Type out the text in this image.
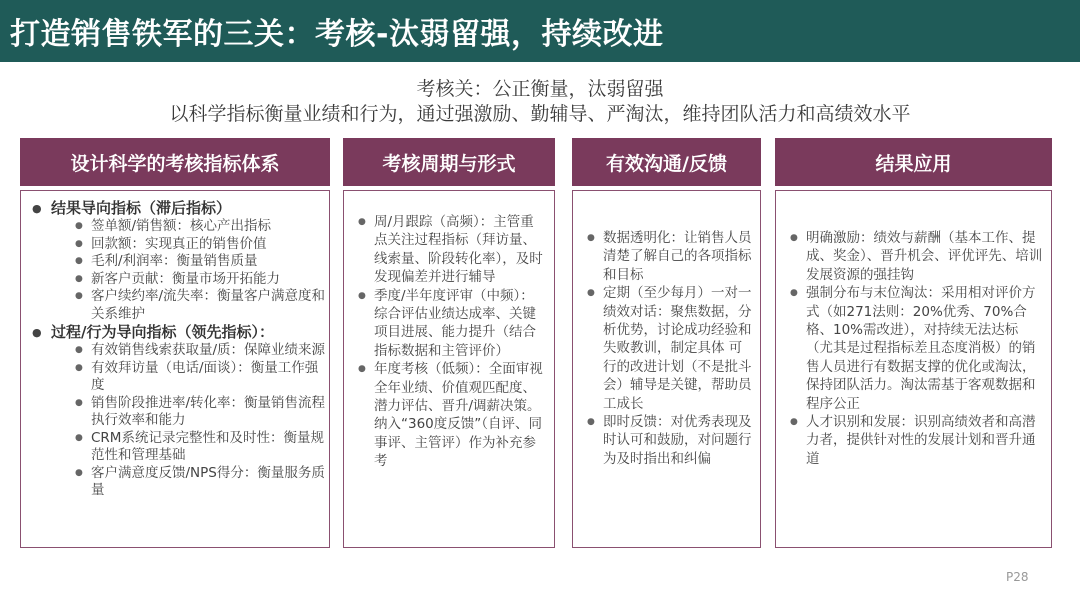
打造销售铁军的三关：考核-汰弱留强，持续改进
考核关：公正衡量，汰弱留强
以科学指标衡量业绩和行为，通过强激励、勤辅导、严淘汰，维持团队活力和高绩效水平
设计科学的考核指标体系
● 结果导向指标（滞后指标）
● 签单额/销售额：核心产出指标
● 回款额：实现真正的销售价值
● 毛利/利润率：衡量销售质量
● 新客户贡献：衡量市场开拓能力
● 客户续约率/流失率：衡量客户满意度和关系维护
● 过程/行为导向指标（领先指标）：
● 有效销售线索获取量/质：保障业绩来源
● 有效拜访量（电话/面谈）：衡量工作强度
● 销售阶段推进率/转化率：衡量销售流程执行效率和能力
● CRM系统记录完整性和及时性：衡量规范性和管理基础
● 客户满意度反馈/NPS得分：衡量服务质量
考核周期与形式
● 周/月跟踪（高频）：主管重点关注过程指标（拜访量、线索量、阶段转化率），及时发现偏差并进行辅导
● 季度/半年度评审（中频）：综合评估业绩达成率、关键项目进展、能力提升（结合指标数据和主管评价）
● 年度考核（低频）：全面审视全年业绩、价值观匹配度、潜力评估、晋升/调薪决策。纳入“360度反馈”（自评、同事评、主管评）作为补充参考
有效沟通/反馈
● 数据透明化：让销售人员清楚了解自己的各项指标和目标
● 定期（至少每月）一对一绩效对话：聚焦数据，分析优势，讨论成功经验和失败教训，制定具体 可行的改进计划（不是批斗会）辅导是关键，帮助员工成长
● 即时反馈：对优秀表现及时认可和鼓励，对问题行为及时指出和纠偏
结果应用
● 明确激励：绩效与薪酬（基本工作、提成、奖金）、晋升机会、评优评先、培训发展资源的强挂钩
● 强制分布与末位淘汰：采用相对评价方式（如271法则：20%优秀、70%合格、10%需改进），对持续无法达标（尤其是过程指标差且态度消极）的销售人员进行有数据支撑的优化或淘汰，保持团队活力。淘汰需基于客观数据和程序公正
● 人才识别和发展：识别高绩效者和高潜力者，提供针对性的发展计划和晋升通道
P28
